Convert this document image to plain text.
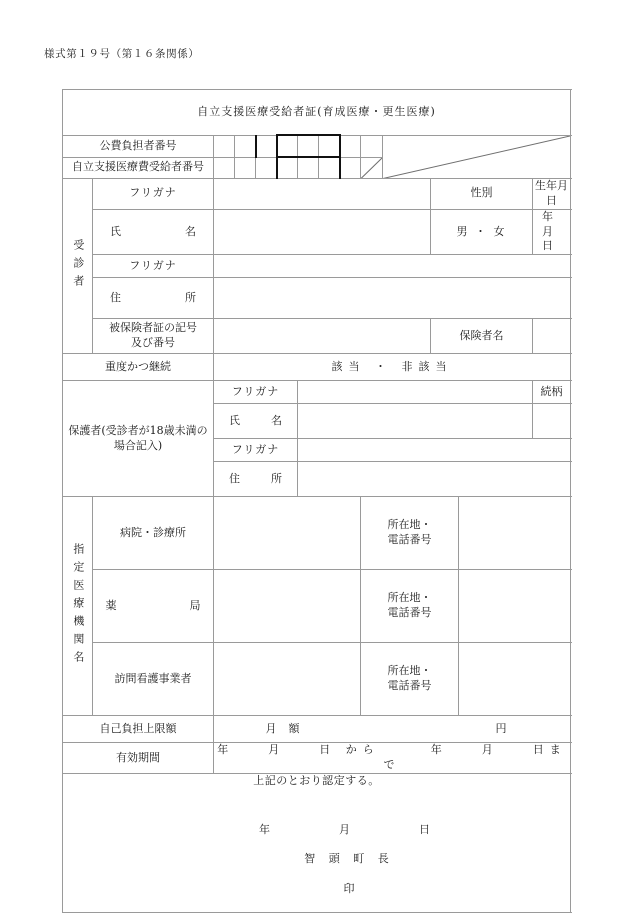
様式第１９号（第１６条関係）

自立支援医療受給者証(育成医療・更生医療)													
公費負担者番号									

自立支援医療費受給者番号								

受診者	フリガナ										性別		生年月日
	氏　　名										男 ・ 女		年　　月　　日
	フリガナ												
	住　　所												
	被保険者証の記号
及び番号										保険者名		
重度かつ継続		該当 ・ 非該当											
保護者(受診者が18歳未満の場合記入)		フリガナ											続柄
		氏　名											
		フリガナ											
		住　所											
指定医療機関名	病院・診療所								所在地・
電話番号				
	薬　　　局								所在地・
電話番号				
	訪問看護事業者								所在地・
電話番号				
自己負担上限額		月額　　　　　　　　円											
有効期間		年　　月　　日 から　　　年　　月　　日まで											

上記のとおり認定する。

年　　　月　　　日

智 頭 町 長

印													
